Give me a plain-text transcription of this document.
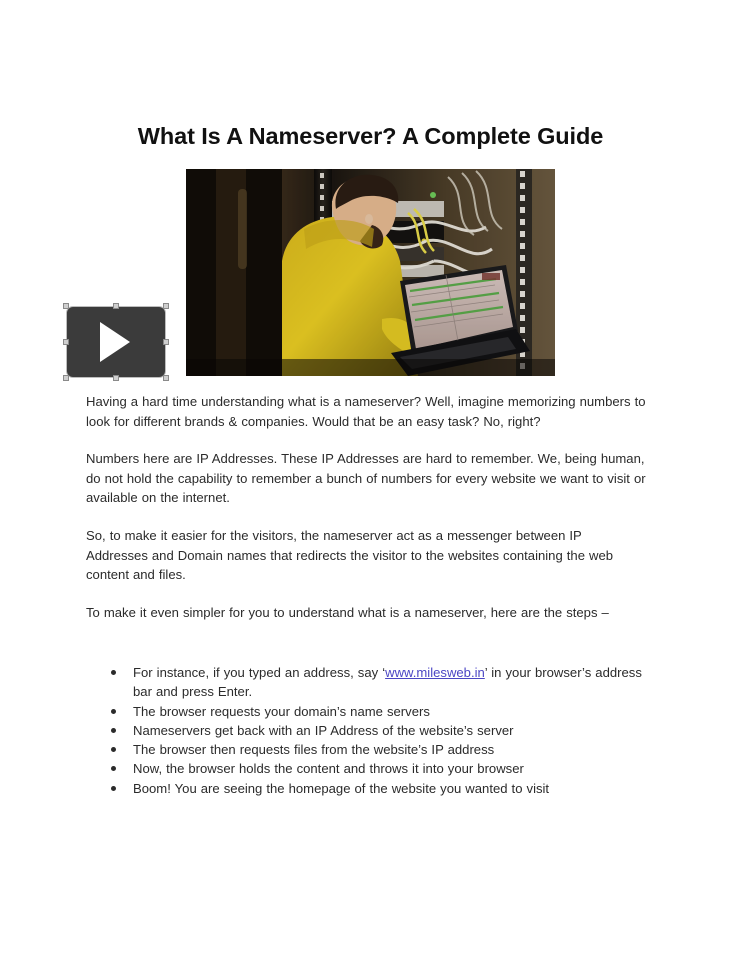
What Is A Nameserver? A Complete Guide

Having a hard time understanding what is a nameserver? Well, imagine memorizing numbers to look for different brands & companies. Would that be an easy task? No, right?

Numbers here are IP Addresses. These IP Addresses are hard to remember. We, being human, do not hold the capability to remember a bunch of numbers for every website we want to visit or available on the internet.

So, to make it easier for the visitors, the nameserver act as a messenger between IP Addresses and Domain names that redirects the visitor to the websites containing the web content and files.

To make it even simpler for you to understand what is a nameserver, here are the steps –

For instance, if you typed an address, say ‘www.milesweb.in’ in your browser’s address bar and press Enter.
The browser requests your domain’s name servers
Nameservers get back with an IP Address of the website’s server
The browser then requests files from the website’s IP address
Now, the browser holds the content and throws it into your browser
Boom! You are seeing the homepage of the website you wanted to visit
